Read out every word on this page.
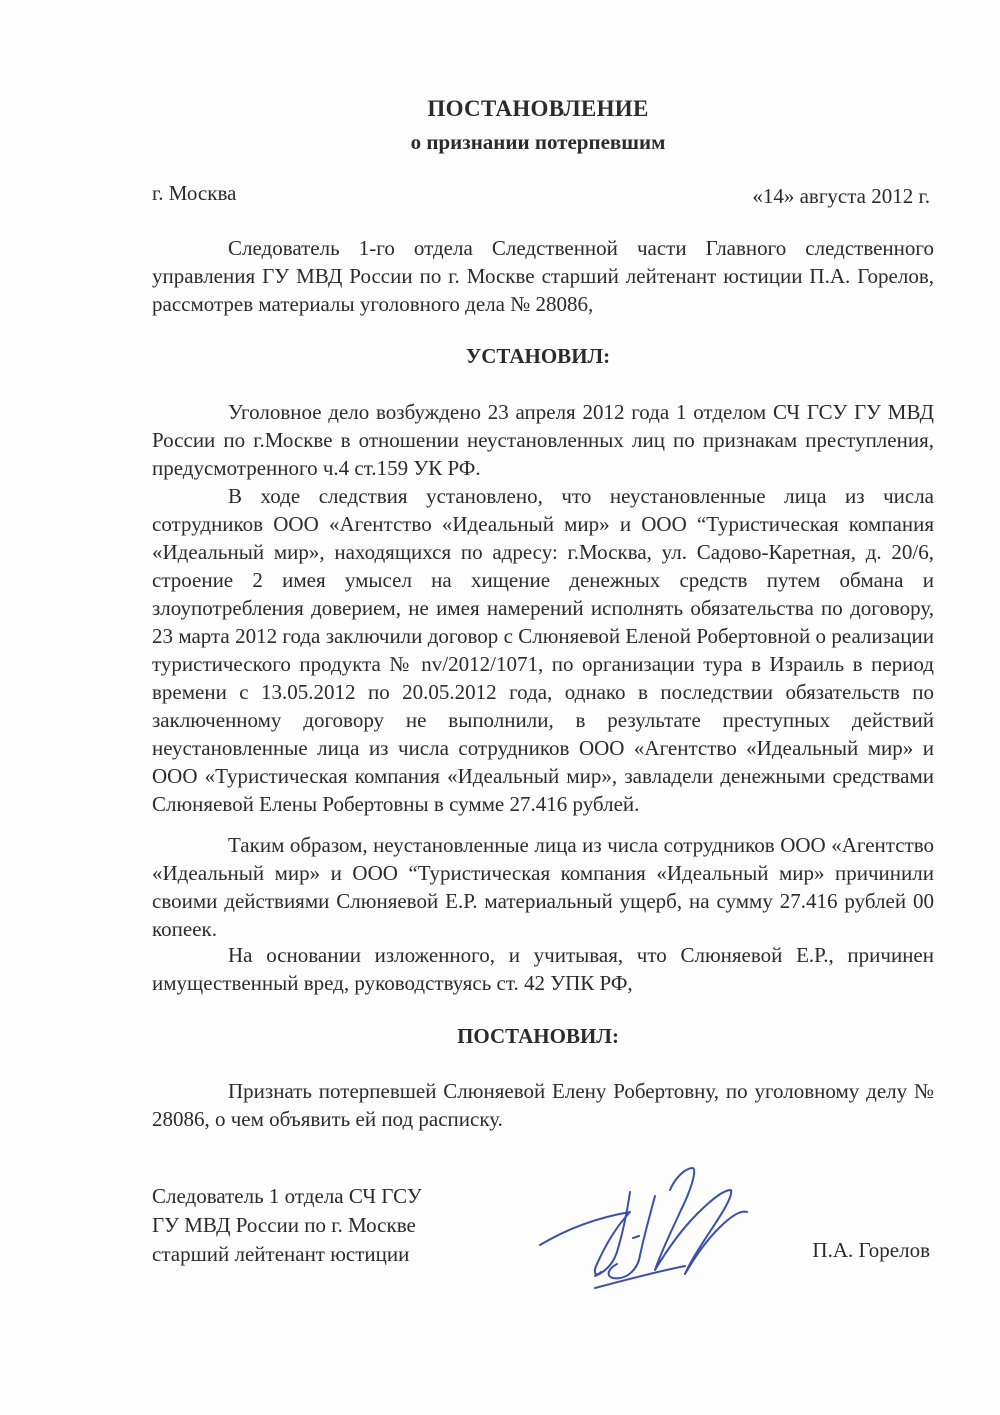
ПОСТАНОВЛЕНИЕ
о признании потерпевшим
г. Москва	«14» августа 2012 г.

Следователь 1-го отдела Следственной части Главного следственного управления ГУ МВД России по г. Москве старший лейтенант юстиции П.А. Горелов, рассмотрев материалы уголовного дела № 28086,

УСТАНОВИЛ:

Уголовное дело возбуждено 23 апреля 2012 года 1 отделом СЧ ГСУ ГУ МВД России по г.Москве в отношении неустановленных лиц по признакам преступления, предусмотренного ч.4 ст.159 УК РФ.

В ходе следствия установлено, что неустановленные лица из числа сотрудников ООО «Агентство «Идеальный мир» и ООО “Туристическая компания «Идеальный мир», находящихся по адресу: г.Москва, ул. Садово-Каретная, д. 20/6, строение 2 имея умысел на хищение денежных средств путем обмана и злоупотребления доверием, не имея намерений исполнять обязательства по договору, 23 марта 2012 года заключили договор с Слюняевой Еленой Робертовной о реализации туристического продукта № nv/2012/1071, по организации тура в Израиль в период времени с 13.05.2012 по 20.05.2012 года, однако в последствии обязательств по заключенному договору не выполнили, в результате преступных действий неустановленные лица из числа сотрудников ООО «Агентство «Идеальный мир» и ООО «Туристическая компания «Идеальный мир», завладели денежными средствами Слюняевой Елены Робертовны в сумме 27.416 рублей.

Таким образом, неустановленные лица из числа сотрудников ООО «Агентство «Идеальный мир» и ООО “Туристическая компания «Идеальный мир» причинили своими действиями Слюняевой Е.Р. материальный ущерб, на сумму 27.416 рублей 00 копеек.

На основании изложенного, и учитывая, что Слюняевой Е.Р., причинен имущественный вред, руководствуясь ст. 42 УПК РФ,

ПОСТАНОВИЛ:

Признать потерпевшей Слюняевой Елену Робертовну, по уголовному делу № 28086, о чем объявить ей под расписку.

Следователь 1 отдела СЧ ГСУ
ГУ МВД России по г. Москве
старший лейтенант юстиции	П.А. Горелов
